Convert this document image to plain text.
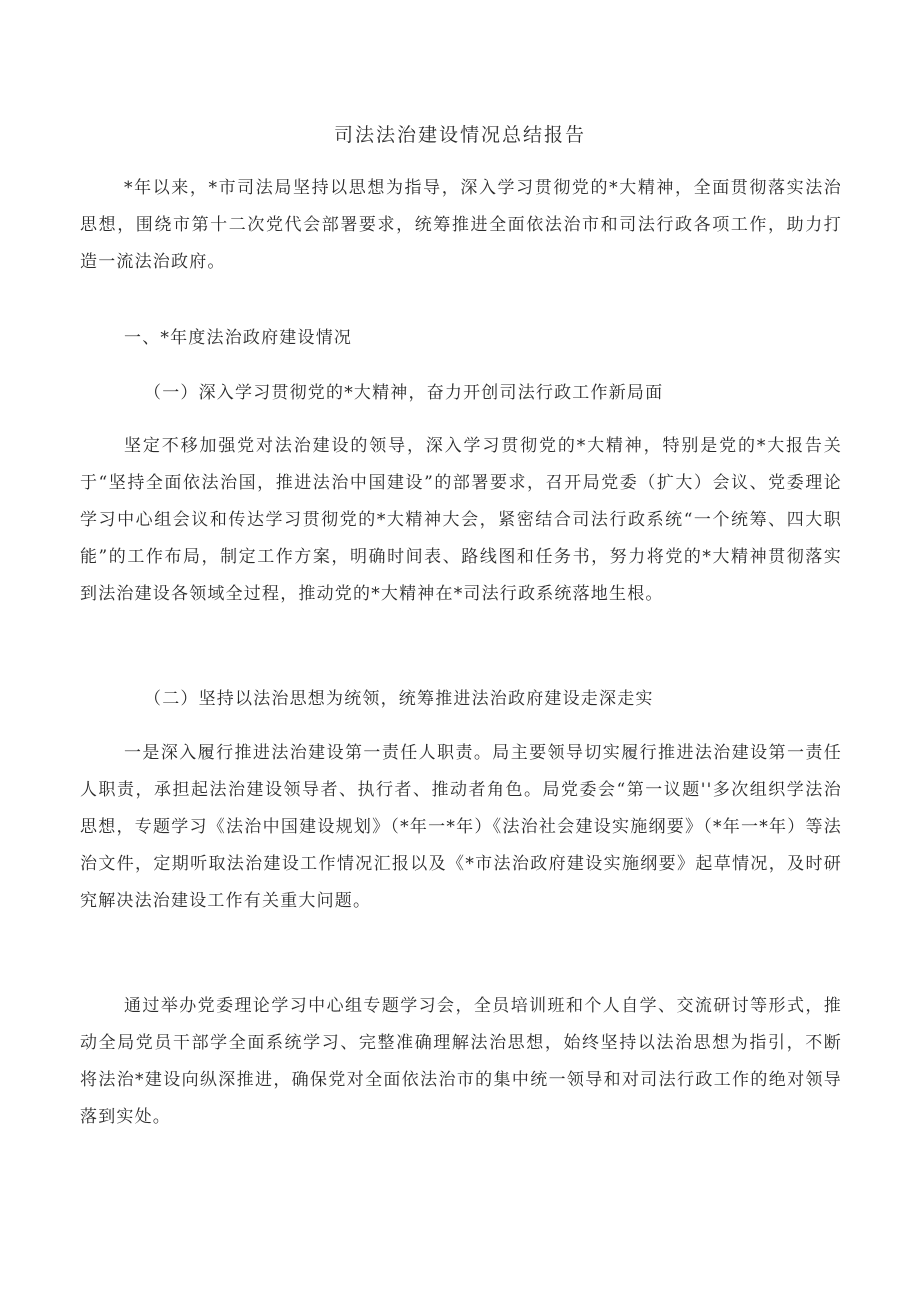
司法法治建设情况总结报告

*年以来，*市司法局坚持以思想为指导，深入学习贯彻党的*大精神，全面贯彻落实法治思想，围绕市第十二次党代会部署要求，统筹推进全面依法治市和司法行政各项工作，助力打造一流法治政府。

一、*年度法治政府建设情况

（一）深入学习贯彻党的*大精神，奋力开创司法行政工作新局面

坚定不移加强党对法治建设的领导，深入学习贯彻党的*大精神，特别是党的*大报告关于“坚持全面依法治国，推进法治中国建设”的部署要求，召开局党委（扩大）会议、党委理论学习中心组会议和传达学习贯彻党的*大精神大会，紧密结合司法行政系统“一个统筹、四大职能”的工作布局，制定工作方案，明确时间表、路线图和任务书，努力将党的*大精神贯彻落实到法治建设各领域全过程，推动党的*大精神在*司法行政系统落地生根。

（二）坚持以法治思想为统领，统筹推进法治政府建设走深走实

一是深入履行推进法治建设第一责任人职责。局主要领导切实履行推进法治建设第一责任人职责，承担起法治建设领导者、执行者、推动者角色。局党委会“第一议题''多次组织学法治思想，专题学习《法治中国建设规划》（*年一*年）《法治社会建设实施纲要》（*年一*年）等法治文件，定期听取法治建设工作情况汇报以及《*市法治政府建设实施纲要》起草情况，及时研究解决法治建设工作有关重大问题。

通过举办党委理论学习中心组专题学习会，全员培训班和个人自学、交流研讨等形式，推动全局党员干部学全面系统学习、完整准确理解法治思想，始终坚持以法治思想为指引，不断将法治*建设向纵深推进，确保党对全面依法治市的集中统一领导和对司法行政工作的绝对领导落到实处。
